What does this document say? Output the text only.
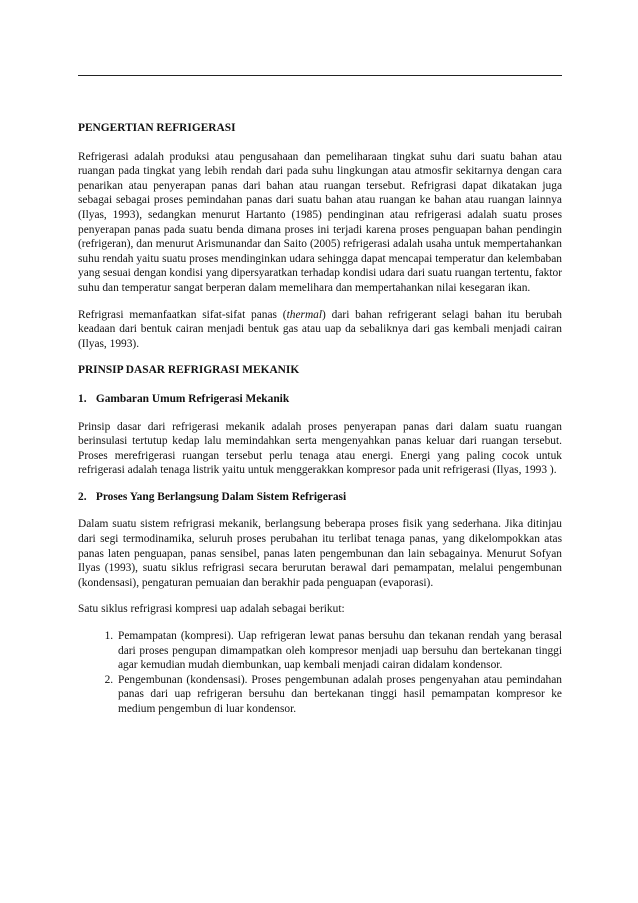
PENGERTIAN REFRIGERASI

Refrigerasi adalah produksi atau pengusahaan dan pemeliharaan tingkat suhu dari suatu bahan atau ruangan pada tingkat yang lebih rendah dari pada suhu lingkungan atau atmosfir sekitarnya dengan cara penarikan atau penyerapan panas dari bahan atau ruangan tersebut. Refrigrasi dapat dikatakan juga sebagai sebagai proses pemindahan panas dari suatu bahan atau ruangan ke bahan atau ruangan lainnya (Ilyas, 1993), sedangkan menurut Hartanto (1985) pendinginan atau refrigerasi adalah suatu proses penyerapan panas pada suatu benda dimana proses ini terjadi karena proses penguapan bahan pendingin (refrigeran), dan menurut Arismunandar dan Saito (2005) refrigerasi adalah usaha untuk mempertahankan suhu rendah yaitu suatu proses mendinginkan udara sehingga dapat mencapai temperatur dan kelembaban yang sesuai dengan kondisi yang dipersyaratkan terhadap kondisi udara dari suatu ruangan tertentu, faktor suhu dan temperatur sangat berperan dalam memelihara dan mempertahankan nilai kesegaran ikan.

Refrigrasi memanfaatkan sifat-sifat panas (thermal) dari bahan refrigerant selagi bahan itu berubah keadaan dari bentuk cairan menjadi bentuk gas atau uap da sebaliknya dari gas kembali menjadi cairan (Ilyas, 1993).

PRINSIP DASAR REFRIGRASI MEKANIK
1. Gambaran Umum Refrigerasi Mekanik

Prinsip dasar dari refrigerasi mekanik adalah proses penyerapan panas dari dalam suatu ruangan berinsulasi tertutup kedap lalu memindahkan serta mengenyahkan panas keluar dari ruangan tersebut. Proses merefrigerasi ruangan tersebut perlu tenaga atau energi. Energi yang paling cocok untuk refrigerasi adalah tenaga listrik yaitu untuk menggerakkan kompresor pada unit refrigerasi (Ilyas, 1993 ).

2. Proses Yang Berlangsung Dalam Sistem Refrigerasi

Dalam suatu sistem refrigrasi mekanik, berlangsung beberapa proses fisik yang sederhana. Jika ditinjau dari segi termodinamika, seluruh proses perubahan itu terlibat tenaga panas, yang dikelompokkan atas panas laten penguapan, panas sensibel, panas laten pengembunan dan lain sebagainya. Menurut Sofyan Ilyas (1993), suatu siklus refrigrasi secara berurutan berawal dari pemampatan, melalui pengembunan (kondensasi), pengaturan pemuaian dan berakhir pada penguapan (evaporasi).

Satu siklus refrigrasi kompresi uap adalah sebagai berikut:

1. Pemampatan (kompresi). Uap refrigeran lewat panas bersuhu dan tekanan rendah yang berasal dari proses pengupan dimampatkan oleh kompresor menjadi uap bersuhu dan bertekanan tinggi agar kemudian mudah diembunkan, uap kembali menjadi cairan didalam kondensor.
2. Pengembunan (kondensasi). Proses pengembunan adalah proses pengenyahan atau pemindahan panas dari uap refrigeran bersuhu dan bertekanan tinggi hasil pemampatan kompresor ke medium pengembun di luar kondensor.
